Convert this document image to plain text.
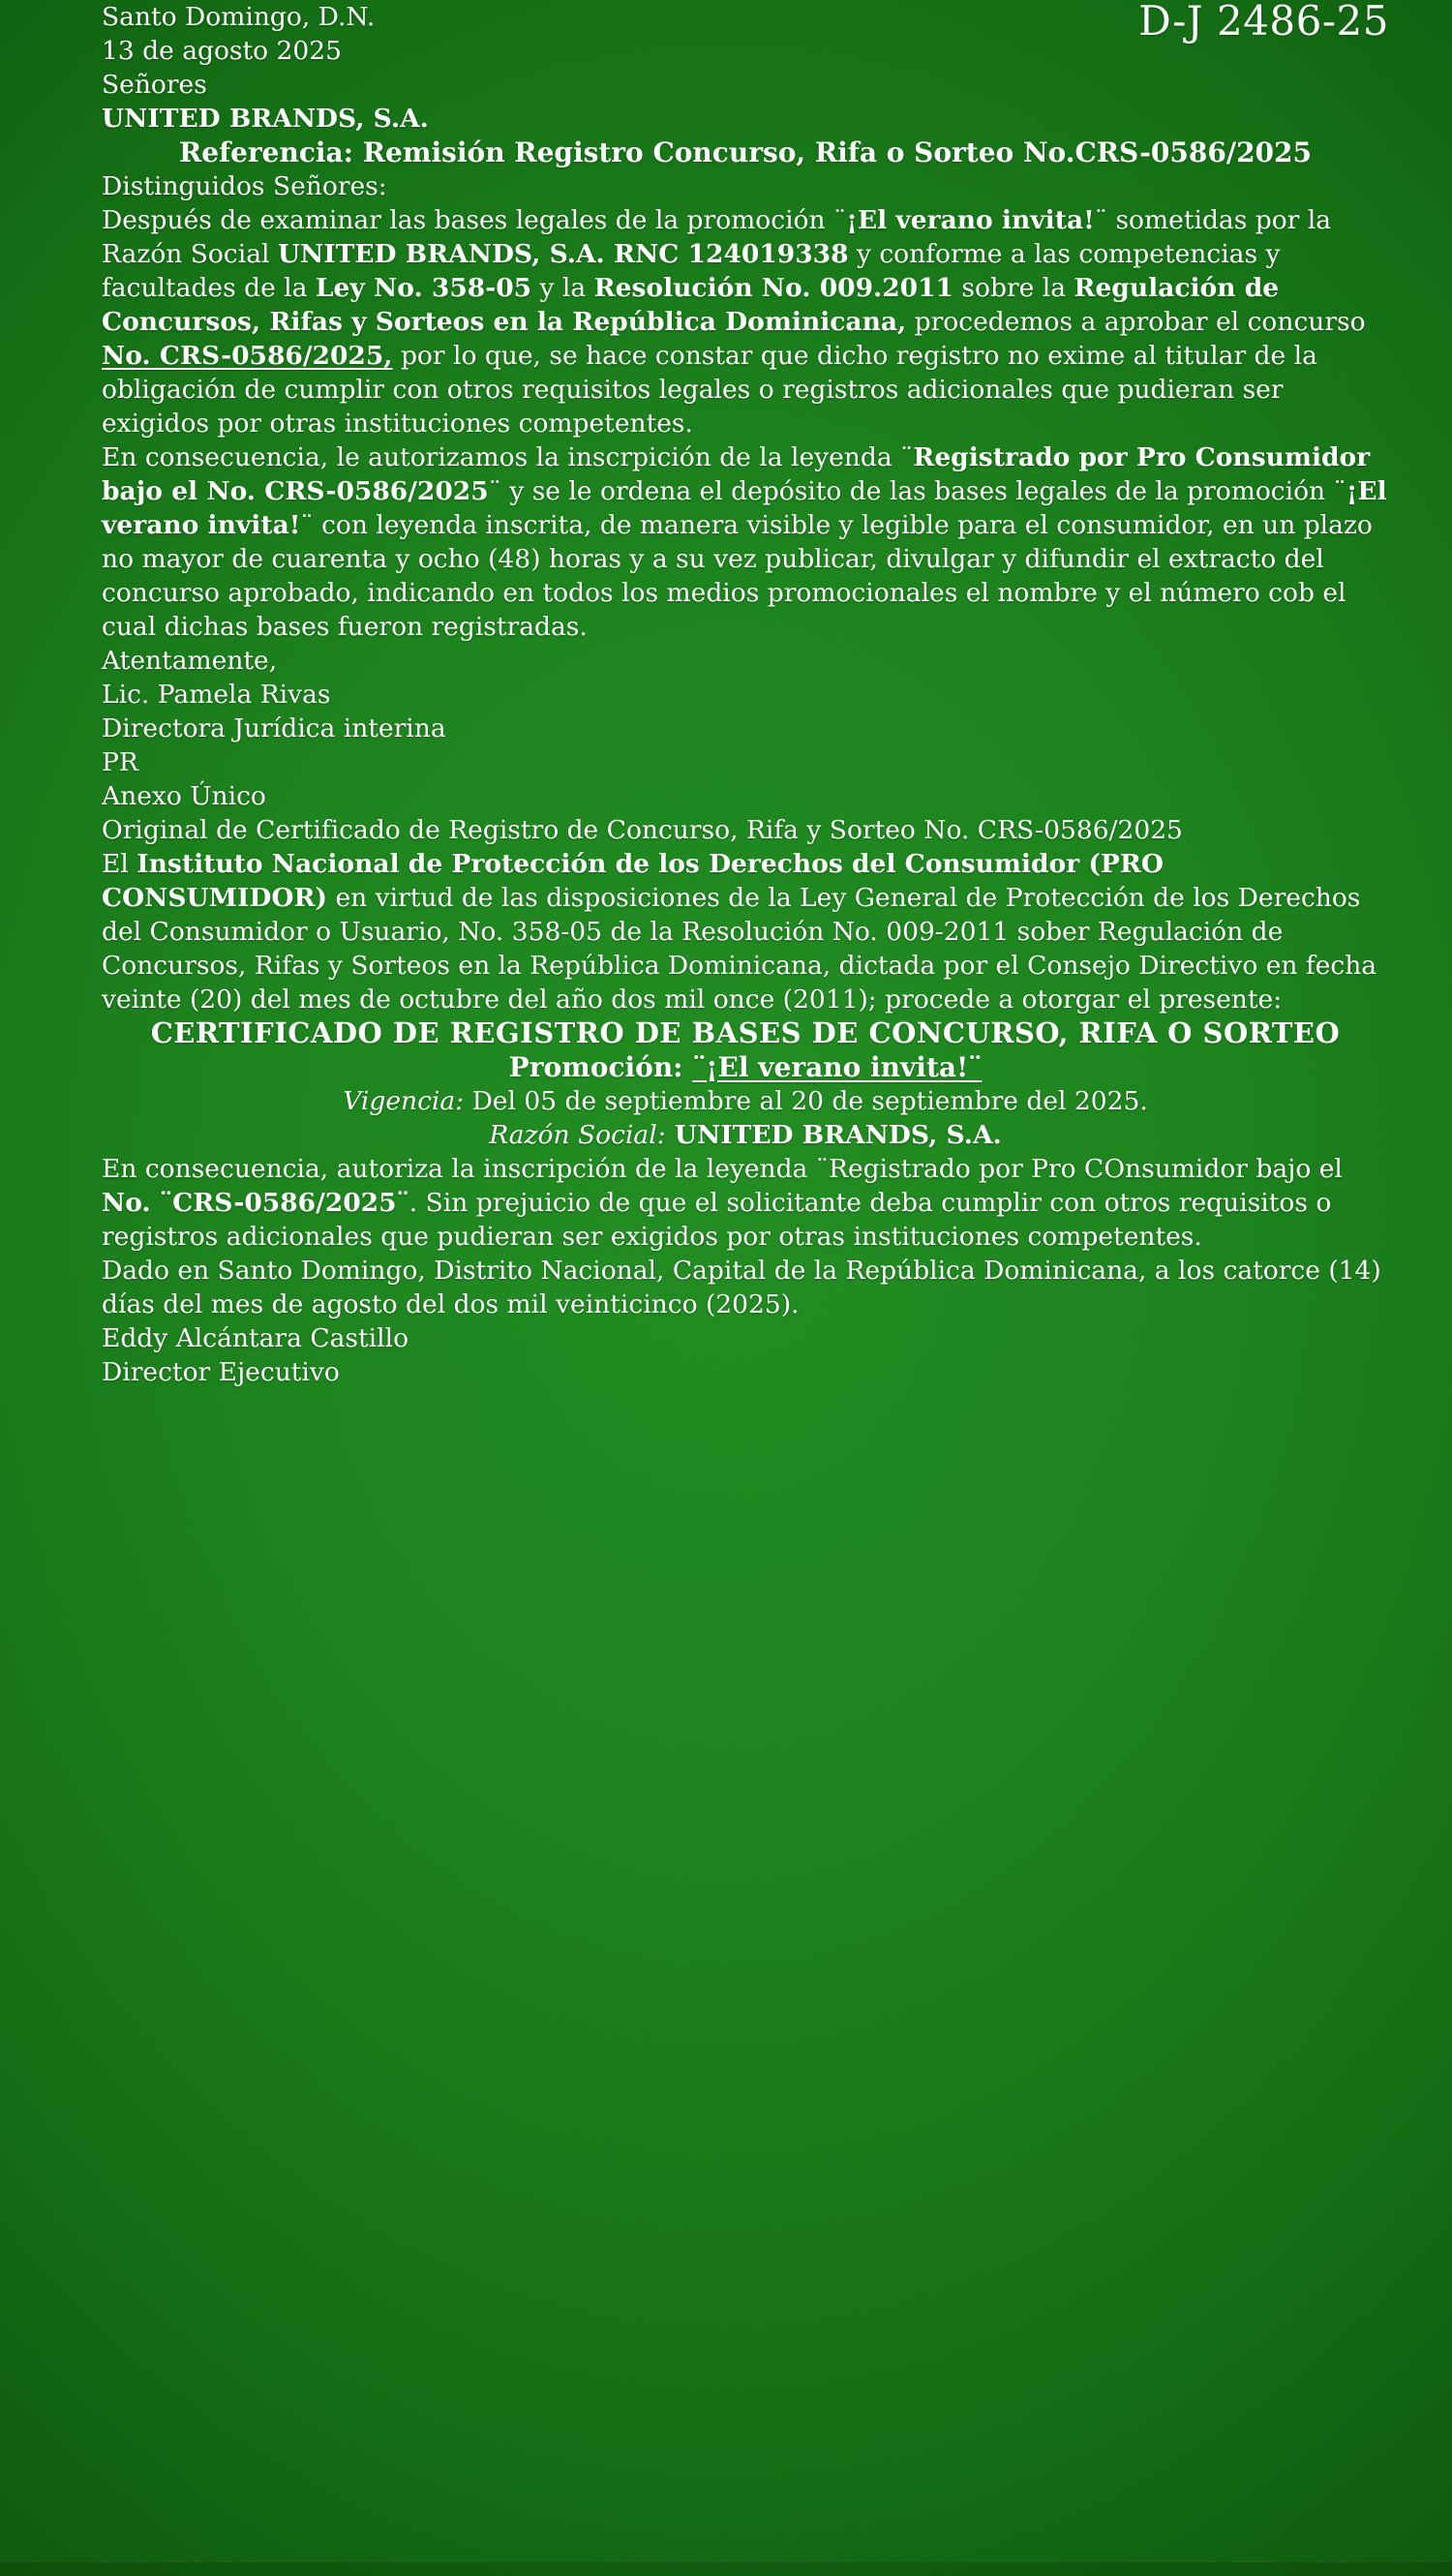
Santo Domingo, D.N.
13 de agosto 2025
D-J 2486-25
Señores
UNITED BRANDS, S.A.
Referencia: Remisión Registro Concurso, Rifa o Sorteo No.CRS-0586/2025
Distinguidos Señores:

Después de examinar las bases legales de la promoción ¨¡El verano invita!¨ sometidas por la Razón Social UNITED BRANDS, S.A. RNC 124019338 y conforme a las competencias y facultades de la Ley No. 358-05 y la Resolución No. 009.2011 sobre la Regulación de Concursos, Rifas y Sorteos en la República Dominicana, procedemos a aprobar el concurso No. CRS-0586/2025, por lo que, se hace constar que dicho registro no exime al titular de la obligación de cumplir con otros requisitos legales o registros adicionales que pudieran ser exigidos por otras instituciones competentes.

En consecuencia, le autorizamos la inscrpición de la leyenda ¨Registrado por Pro Consumidor bajo el No. CRS-0586/2025¨ y se le ordena el depósito de las bases legales de la promoción ¨¡El verano invita!¨ con leyenda inscrita, de manera visible y legible para el consumidor, en un plazo no mayor de cuarenta y ocho (48) horas y a su vez publicar, divulgar y difundir el extracto del concurso aprobado, indicando en todos los medios promocionales el nombre y el número cob el cual dichas bases fueron registradas.

Atentamente,
Lic. Pamela Rivas
Directora Jurídica interina
PR
Anexo Único
Original de Certificado de Registro de Concurso, Rifa y Sorteo No. CRS-0586/2025

El Instituto Nacional de Protección de los Derechos del Consumidor (PRO CONSUMIDOR) en virtud de las disposiciones de la Ley General de Protección de los Derechos del Consumidor o Usuario, No. 358-05 de la Resolución No. 009-2011 sober Regulación de Concursos, Rifas y Sorteos en la República Dominicana, dictada por el Consejo Directivo en fecha veinte (20) del mes de octubre del año dos mil once (2011); procede a otorgar el presente:

CERTIFICADO DE REGISTRO DE BASES DE CONCURSO, RIFA O SORTEO
Promoción: ¨¡El verano invita!¨
Vigencia: Del 05 de septiembre al 20 de septiembre del 2025.
Razón Social: UNITED BRANDS, S.A.

En consecuencia, autoriza la inscripción de la leyenda ¨Registrado por Pro COnsumidor bajo el No. ¨CRS-0586/2025¨. Sin prejuicio de que el solicitante deba cumplir con otros requisitos o registros adicionales que pudieran ser exigidos por otras instituciones competentes.

Dado en Santo Domingo, Distrito Nacional, Capital de la República Dominicana, a los catorce (14) días del mes de agosto del dos mil veinticinco (2025).

Eddy Alcántara Castillo
Director Ejecutivo
